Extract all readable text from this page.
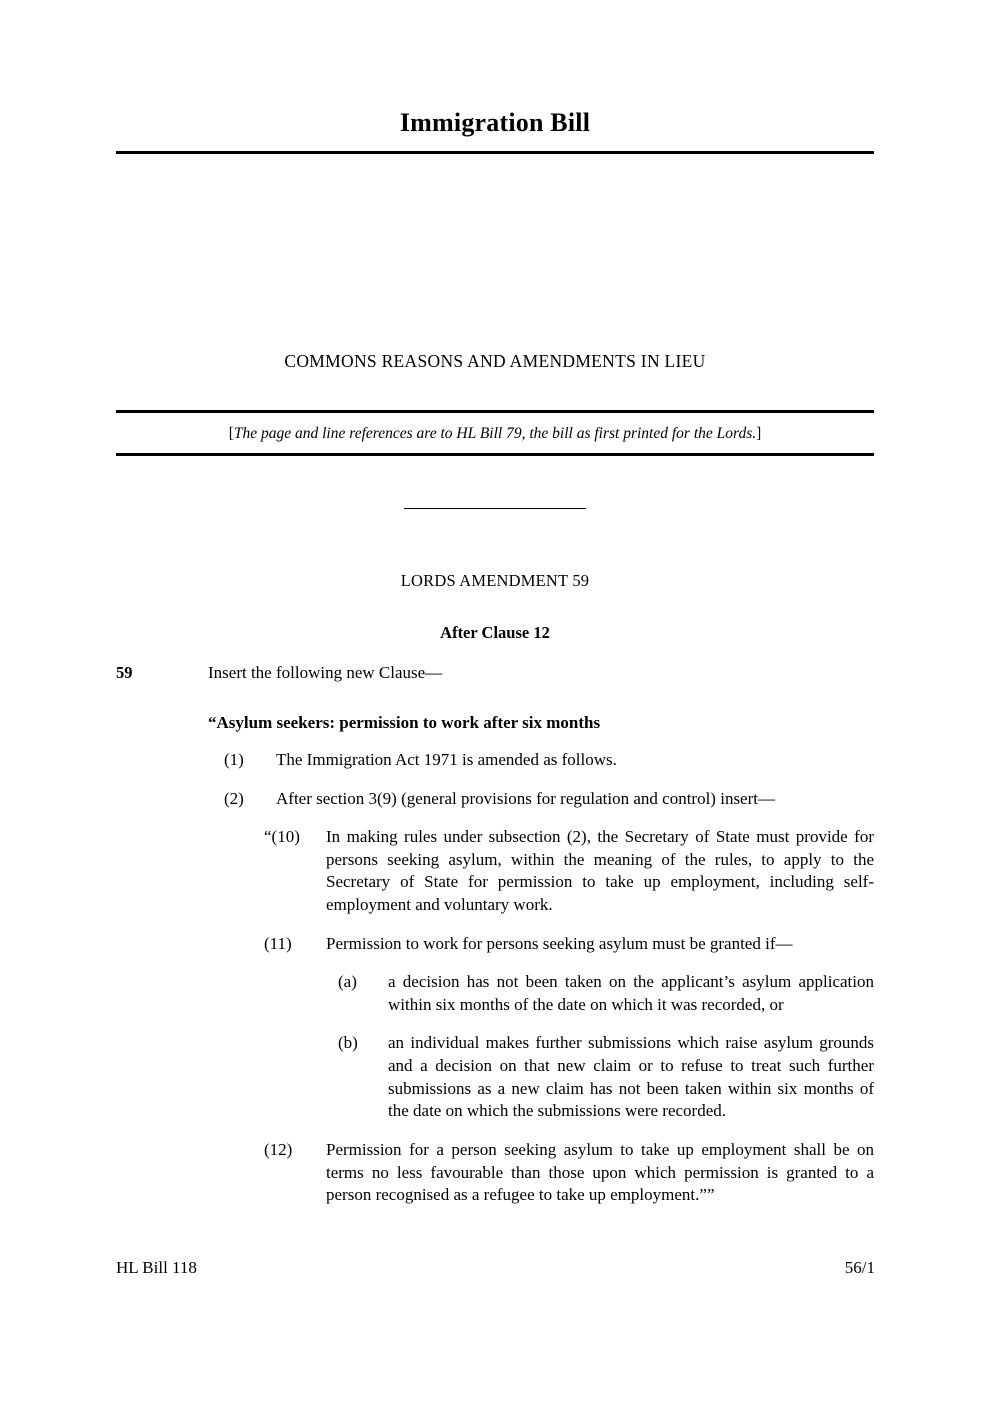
Immigration Bill
COMMONS REASONS AND AMENDMENTS IN LIEU
[The page and line references are to HL Bill 79, the bill as first printed for the Lords.]
LORDS AMENDMENT 59
After Clause 12
59	Insert the following new Clause—
“Asylum seekers: permission to work after six months
(1)	The Immigration Act 1971 is amended as follows.
(2)	After section 3(9) (general provisions for regulation and control) insert—
“(10)	In making rules under subsection (2), the Secretary of State must provide for persons seeking asylum, within the meaning of the rules, to apply to the Secretary of State for permission to take up employment, including self-employment and voluntary work.
(11)	Permission to work for persons seeking asylum must be granted if—
(a)	a decision has not been taken on the applicant’s asylum application within six months of the date on which it was recorded, or
(b)	an individual makes further submissions which raise asylum grounds and a decision on that new claim or to refuse to treat such further submissions as a new claim has not been taken within six months of the date on which the submissions were recorded.
(12)	Permission for a person seeking asylum to take up employment shall be on terms no less favourable than those upon which permission is granted to a person recognised as a refugee to take up employment.””
HL Bill 118	56/1
